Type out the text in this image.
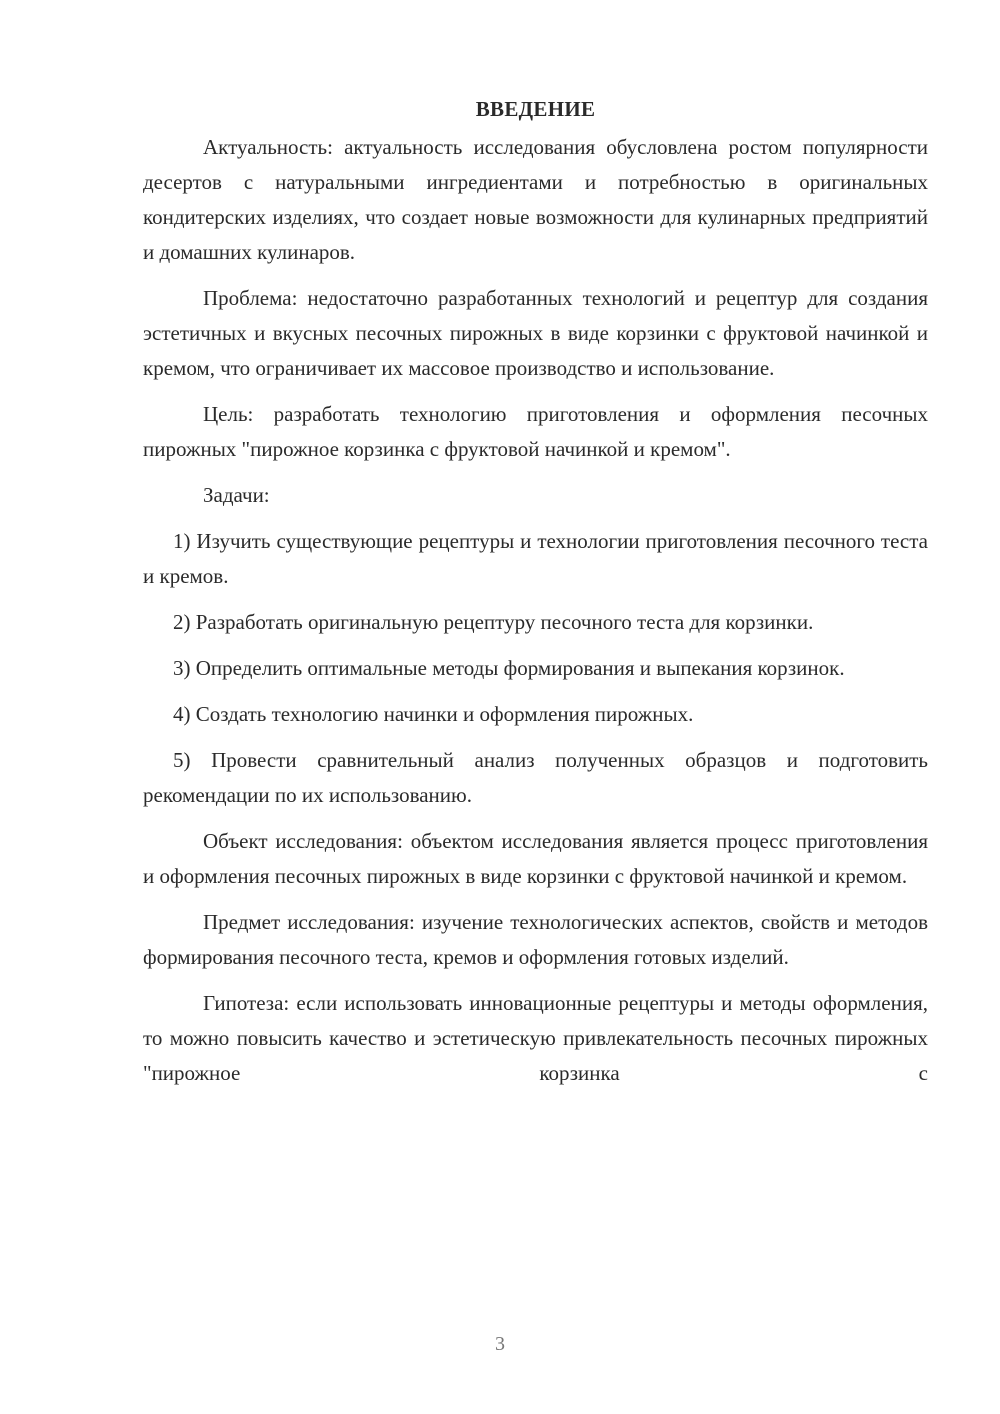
ВВЕДЕНИЕ

Актуальность: актуальность исследования обусловлена ростом популярности десертов с натуральными ингредиентами и потребностью в оригинальных кондитерских изделиях, что создает новые возможности для кулинарных предприятий и домашних кулинаров.

Проблема: недостаточно разработанных технологий и рецептур для создания эстетичных и вкусных песочных пирожных в виде корзинки с фруктовой начинкой и кремом, что ограничивает их массовое производство и использование.

Цель: разработать технологию приготовления и оформления песочных пирожных "пирожное корзинка с фруктовой начинкой и кремом".

Задачи:

1) Изучить существующие рецептуры и технологии приготовления песочного теста и кремов.

2) Разработать оригинальную рецептуру песочного теста для корзинки.

3) Определить оптимальные методы формирования и выпекания корзинок.

4) Создать технологию начинки и оформления пирожных.

5) Провести сравнительный анализ полученных образцов и подготовить рекомендации по их использованию.

Объект исследования: объектом исследования является процесс приготовления и оформления песочных пирожных в виде корзинки с фруктовой начинкой и кремом.

Предмет исследования: изучение технологических аспектов, свойств и методов формирования песочного теста, кремов и оформления готовых изделий.

Гипотеза: если использовать инновационные рецептуры и методы оформления, то можно повысить качество и эстетическую привлекательность песочных пирожных "пирожное корзинка с

3
